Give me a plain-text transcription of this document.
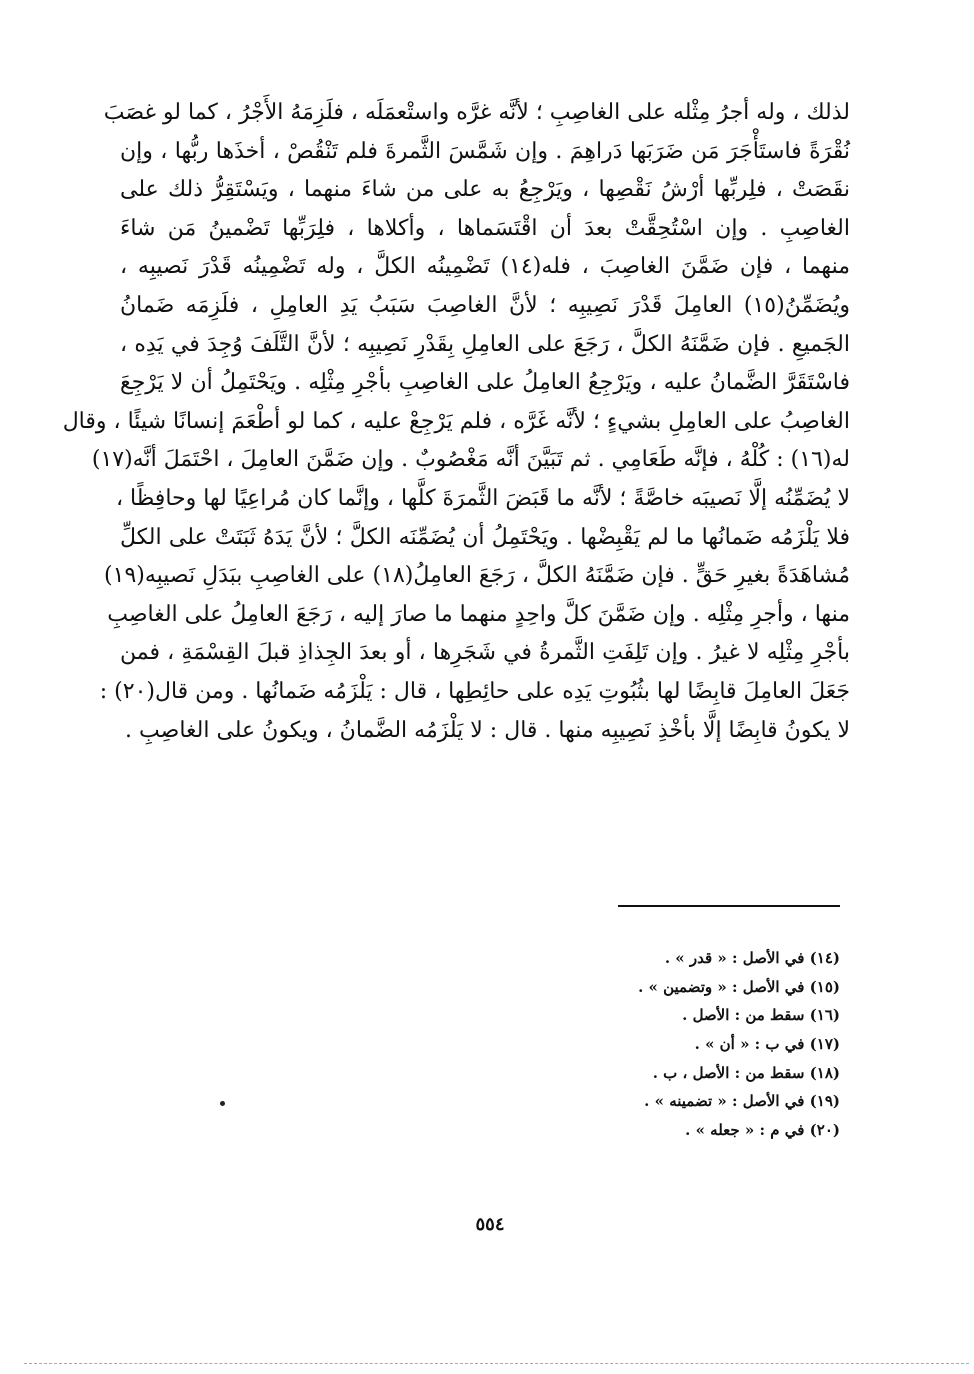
لذلك ، وله أجرُ مِثْله على الغاصِبِ ؛ لأنَّه غرَّه واستْعمَلَه ، فلَزِمَهُ الأَجْرُ ، كما لو غصَبَ
نُقْرَةً فاستَأْجَرَ مَن ضَرَبَها دَراهِمَ . وإن شَمَّسَ الثَّمرةَ فلم تَنْقُصْ ، أخذَها ربُّها ، وإن
نقَصَتْ ، فلِربِّها أرْشُ نَقْصِها ، ويَرْجِعُ به على من شاءَ منهما ، ويَسْتَقِرُّ ذلك على
الغاصِبِ . وإن اسْتُحِقَّتْ بعدَ أن اقْتَسَماها ، وأكلاها ، فلِرَبِّها تَضْمينُ مَن شاءَ
منهما ، فإن ضَمَّنَ الغاصِبَ ، فله(١٤) تَضْمِينُه الكلَّ ، وله تَضْمِينُه قَدْرَ نَصيبِه ،
ويُضَمِّنُ(١٥) العامِلَ قَدْرَ نَصِيبِه ؛ لأنَّ الغاصِبَ سَبَبُ يَدِ العامِلِ ، فلَزِمَه ضَمانُ
الجَميعِ . فإن ضَمَّنَهُ الكلَّ ، رَجَعَ على العامِلِ بِقَدْرِ نَصِيبِه ؛ لأنَّ التَّلَفَ وُجِدَ في يَدِه ،
فاسْتَقَرَّ الضَّمانُ عليه ، ويَرْجِعُ العامِلُ على الغاصِبِ بأجْرِ مِثْلِه . ويَحْتَمِلُ أن لا يَرْجِعَ
الغاصِبُ على العامِلِ بشيءٍ ؛ لأنَّه غَرَّه ، فلم يَرْجِعْ عليه ، كما لو أطْعَمَ إنسانًا شيئًا ، وقال
له(١٦) : كُلْهُ ، فإنَّه طَعَامِي . ثم تَبَيَّنَ أنَّه مَغْصُوبٌ . وإن ضَمَّنَ العامِلَ ، احْتَمَلَ أنَّه(١٧)
لا يُضَمِّنُه إلَّا نَصيبَه خاصَّةً ؛ لأنَّه ما قَبَضَ الثَّمرَةَ كلَّها ، وإنَّما كان مُراعِيًا لها وحافِظًا ،
فلا يَلْزَمُه ضَمانُها ما لم يَقْبِضْها . ويَحْتَمِلُ أن يُضَمِّنَه الكلَّ ؛ لأنَّ يَدَهُ ثَبَتَتْ على الكلِّ
مُشاهَدَةً بغيرِ حَقٍّ . فإن ضَمَّنَهُ الكلَّ ، رَجَعَ العامِلُ(١٨) على الغاصِبِ ببَدَلِ نَصيبِه(١٩)
منها ، وأجرِ مِثْلِه . وإن ضَمَّنَ كلَّ واحِدٍ منهما ما صارَ إليه ، رَجَعَ العامِلُ على الغاصِبِ
بأجْرِ مِثْلِه لا غيرُ . وإن تَلِفَتِ الثَّمرةُ في شَجَرِها ، أو بعدَ الجِذاذِ قبلَ القِسْمَةِ ، فمن
جَعَلَ العامِلَ قابِضًا لها بثُبُوتِ يَدِه على حائِطِها ، قال : يَلْزَمُه ضَمانُها . ومن قال(٢٠) :
لا يكونُ قابِضًا إلَّا بأخْذِ نَصِيبِه منها . قال : لا يَلْزَمُه الضَّمانُ ، ويكونُ على الغاصِبِ .
(١٤) في الأصل : « قدر » .
(١٥) في الأصل : « وتضمين » .
(١٦) سقط من : الأصل .
(١٧) في ب : « أن » .
(١٨) سقط من : الأصل ، ب .
(١٩) في الأصل : « تضمينه » .
(٢٠) في م : « جعله » .
٥٥٤
